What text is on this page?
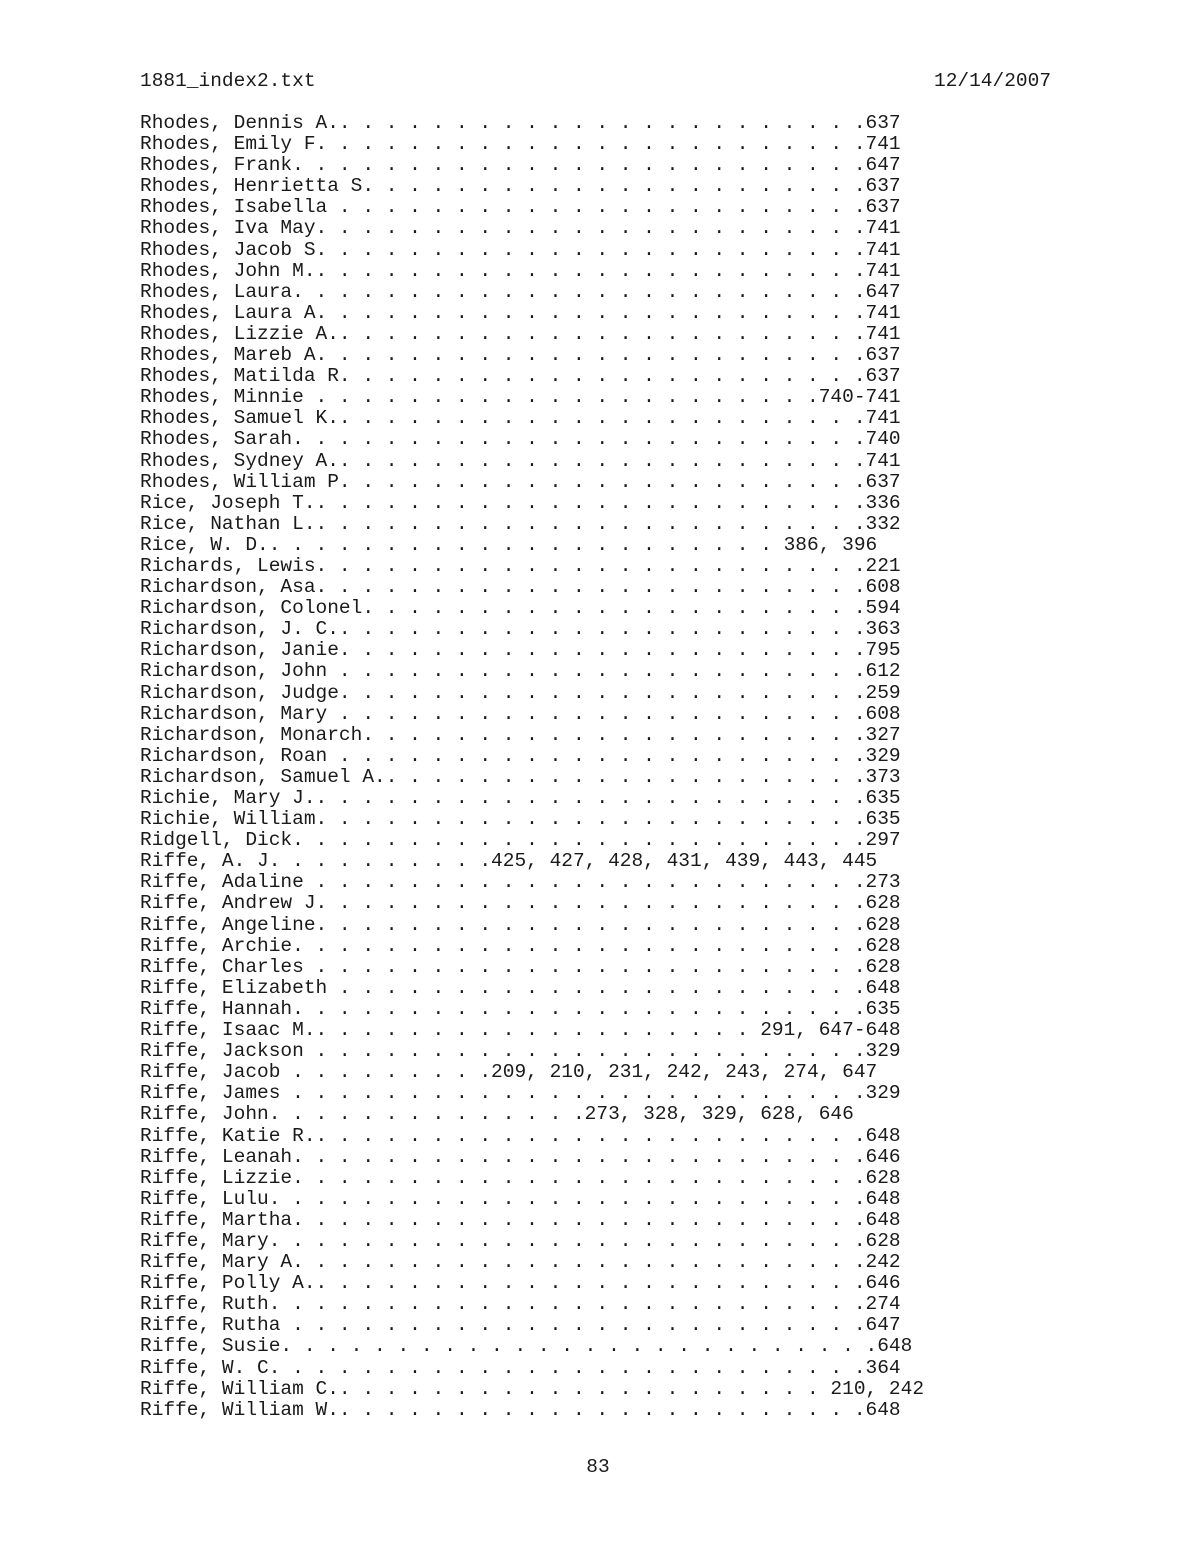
1881_index2.txt	12/14/2007
Rhodes, Dennis A.. . . . . . . . . . . . . . . . . . . . . . .637
Rhodes, Emily F. . . . . . . . . . . . . . . . . . . . . . . .741
Rhodes, Frank. . . . . . . . . . . . . . . . . . . . . . . . .647
Rhodes, Henrietta S. . . . . . . . . . . . . . . . . . . . . .637
Rhodes, Isabella . . . . . . . . . . . . . . . . . . . . . . .637
Rhodes, Iva May. . . . . . . . . . . . . . . . . . . . . . . .741
Rhodes, Jacob S. . . . . . . . . . . . . . . . . . . . . . . .741
Rhodes, John M.. . . . . . . . . . . . . . . . . . . . . . . .741
Rhodes, Laura. . . . . . . . . . . . . . . . . . . . . . . . .647
Rhodes, Laura A. . . . . . . . . . . . . . . . . . . . . . . .741
Rhodes, Lizzie A.. . . . . . . . . . . . . . . . . . . . . . .741
Rhodes, Mareb A. . . . . . . . . . . . . . . . . . . . . . . .637
Rhodes, Matilda R. . . . . . . . . . . . . . . . . . . . . . .637
Rhodes, Minnie . . . . . . . . . . . . . . . . . . . . . .740-741
Rhodes, Samuel K.. . . . . . . . . . . . . . . . . . . . . . .741
Rhodes, Sarah. . . . . . . . . . . . . . . . . . . . . . . . .740
Rhodes, Sydney A.. . . . . . . . . . . . . . . . . . . . . . .741
Rhodes, William P. . . . . . . . . . . . . . . . . . . . . . .637
Rice, Joseph T.. . . . . . . . . . . . . . . . . . . . . . . .336
Rice, Nathan L.. . . . . . . . . . . . . . . . . . . . . . . .332
Rice, W. D.. . . . . . . . . . . . . . . . . . . . . . 386, 396
Richards, Lewis. . . . . . . . . . . . . . . . . . . . . . . .221
Richardson, Asa. . . . . . . . . . . . . . . . . . . . . . . .608
Richardson, Colonel. . . . . . . . . . . . . . . . . . . . . .594
Richardson, J. C.. . . . . . . . . . . . . . . . . . . . . . .363
Richardson, Janie. . . . . . . . . . . . . . . . . . . . . . .795
Richardson, John . . . . . . . . . . . . . . . . . . . . . . .612
Richardson, Judge. . . . . . . . . . . . . . . . . . . . . . .259
Richardson, Mary . . . . . . . . . . . . . . . . . . . . . . .608
Richardson, Monarch. . . . . . . . . . . . . . . . . . . . . .327
Richardson, Roan . . . . . . . . . . . . . . . . . . . . . . .329
Richardson, Samuel A.. . . . . . . . . . . . . . . . . . . . .373
Richie, Mary J.. . . . . . . . . . . . . . . . . . . . . . . .635
Richie, William. . . . . . . . . . . . . . . . . . . . . . . .635
Ridgell, Dick. . . . . . . . . . . . . . . . . . . . . . . . .297
Riffe, A. J. . . . . . . . . .425, 427, 428, 431, 439, 443, 445
Riffe, Adaline . . . . . . . . . . . . . . . . . . . . . . . .273
Riffe, Andrew J. . . . . . . . . . . . . . . . . . . . . . . .628
Riffe, Angeline. . . . . . . . . . . . . . . . . . . . . . . .628
Riffe, Archie. . . . . . . . . . . . . . . . . . . . . . . . .628
Riffe, Charles . . . . . . . . . . . . . . . . . . . . . . . .628
Riffe, Elizabeth . . . . . . . . . . . . . . . . . . . . . . .648
Riffe, Hannah. . . . . . . . . . . . . . . . . . . . . . . . .635
Riffe, Isaac M.. . . . . . . . . . . . . . . . . . . 291, 647-648
Riffe, Jackson . . . . . . . . . . . . . . . . . . . . . . . .329
Riffe, Jacob . . . . . . . . .209, 210, 231, 242, 243, 274, 647
Riffe, James . . . . . . . . . . . . . . . . . . . . . . . . .329
Riffe, John. . . . . . . . . . . . . .273, 328, 329, 628, 646
Riffe, Katie R.. . . . . . . . . . . . . . . . . . . . . . . .648
Riffe, Leanah. . . . . . . . . . . . . . . . . . . . . . . . .646
Riffe, Lizzie. . . . . . . . . . . . . . . . . . . . . . . . .628
Riffe, Lulu. . . . . . . . . . . . . . . . . . . . . . . . . .648
Riffe, Martha. . . . . . . . . . . . . . . . . . . . . . . . .648
Riffe, Mary. . . . . . . . . . . . . . . . . . . . . . . . . .628
Riffe, Mary A. . . . . . . . . . . . . . . . . . . . . . . . .242
Riffe, Polly A.. . . . . . . . . . . . . . . . . . . . . . . .646
Riffe, Ruth. . . . . . . . . . . . . . . . . . . . . . . . . .274
Riffe, Rutha . . . . . . . . . . . . . . . . . . . . . . . . .647
Riffe, Susie. . . . . . . . . . . . . . . . . . . . . . . . . .648
Riffe, W. C. . . . . . . . . . . . . . . . . . . . . . . . . .364
Riffe, William C.. . . . . . . . . . . . . . . . . . . . . 210, 242
Riffe, William W.. . . . . . . . . . . . . . . . . . . . . . .648
83
